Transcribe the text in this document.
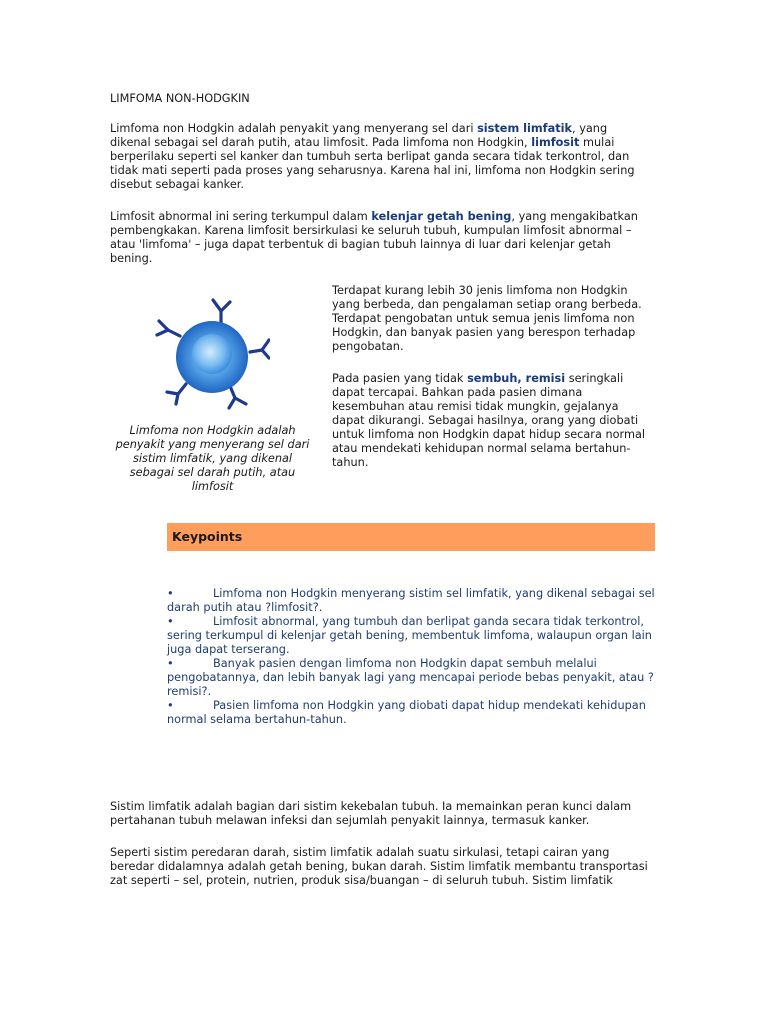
LIMFOMA NON-HODGKIN

Limfoma non Hodgkin adalah penyakit yang menyerang sel dari sistem limfatik, yang dikenal sebagai sel darah putih, atau limfosit. Pada limfoma non Hodgkin, limfosit mulai berperilaku seperti sel kanker dan tumbuh serta berlipat ganda secara tidak terkontrol, dan tidak mati seperti pada proses yang seharusnya. Karena hal ini, limfoma non Hodgkin sering disebut sebagai kanker.

Limfosit abnormal ini sering terkumpul dalam kelenjar getah bening, yang mengakibatkan pembengkakan. Karena limfosit bersirkulasi ke seluruh tubuh, kumpulan limfosit abnormal – atau 'limfoma' – juga dapat terbentuk di bagian tubuh lainnya di luar dari kelenjar getah bening.

Limfoma non Hodgkin adalah penyakit yang menyerang sel dari sistim limfatik, yang dikenal sebagai sel darah putih, atau limfosit

Terdapat kurang lebih 30 jenis limfoma non Hodgkin yang berbeda, dan pengalaman setiap orang berbeda. Terdapat pengobatan untuk semua jenis limfoma non Hodgkin, dan banyak pasien yang berespon terhadap pengobatan.

Pada pasien yang tidak sembuh, remisi seringkali dapat tercapai. Bahkan pada pasien dimana kesembuhan atau remisi tidak mungkin, gejalanya dapat dikurangi. Sebagai hasilnya, orang yang diobati untuk limfoma non Hodgkin dapat hidup secara normal atau mendekati kehidupan normal selama bertahun-tahun.

Keypoints

•	Limfoma non Hodgkin menyerang sistim sel limfatik, yang dikenal sebagai sel darah putih atau ?limfosit?.

•	Limfosit abnormal, yang tumbuh dan berlipat ganda secara tidak terkontrol, sering terkumpul di kelenjar getah bening, membentuk limfoma, walaupun organ lain juga dapat terserang.

•	Banyak pasien dengan limfoma non Hodgkin dapat sembuh melalui pengobatannya, dan lebih banyak lagi yang mencapai periode bebas penyakit, atau ?remisi?.

•	Pasien limfoma non Hodgkin yang diobati dapat hidup mendekati kehidupan normal selama bertahun-tahun.

Sistim limfatik adalah bagian dari sistim kekebalan tubuh. Ia memainkan peran kunci dalam pertahanan tubuh melawan infeksi dan sejumlah penyakit lainnya, termasuk kanker.

Seperti sistim peredaran darah, sistim limfatik adalah suatu sirkulasi, tetapi cairan yang beredar didalamnya adalah getah bening, bukan darah. Sistim limfatik membantu transportasi zat seperti – sel, protein, nutrien, produk sisa/buangan – di seluruh tubuh. Sistim limfatik
